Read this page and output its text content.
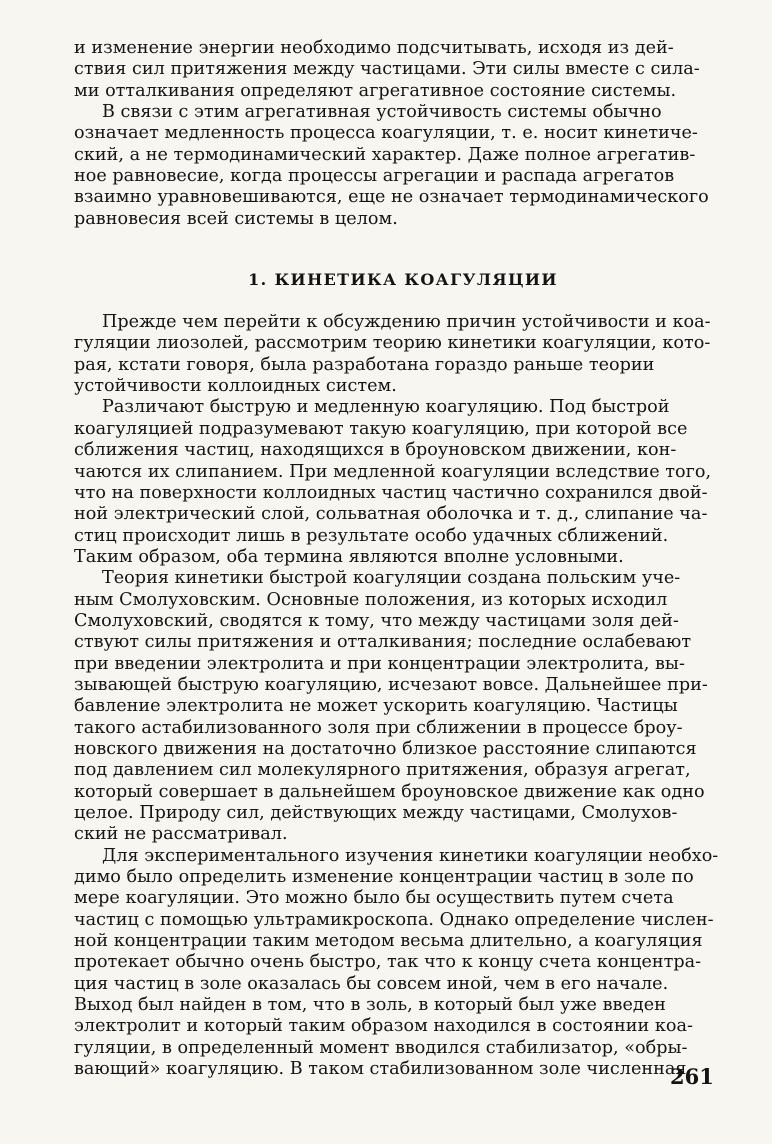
и изменение энергии необходимо подсчитывать, исходя из дей-
ствия сил притяжения между частицами. Эти силы вместе с сила-
ми отталкивания определяют агрегативное состояние системы.

В связи с этим агрегативная устойчивость системы обычно
означает медленность процесса коагуляции, т. е. носит кинетиче-
ский, а не термодинамический характер. Даже полное агрегатив-
ное равновесие, когда процессы агрегации и распада агрегатов
взаимно уравновешиваются, еще не означает термодинамического
равновесия всей системы в целом.

1. КИНЕТИКА КОАГУЛЯЦИИ

Прежде чем перейти к обсуждению причин устойчивости и коа-
гуляции лиозолей, рассмотрим теорию кинетики коагуляции, кото-
рая, кстати говоря, была разработана гораздо раньше теории
устойчивости коллоидных систем.

Различают быструю и медленную коагуляцию. Под быстрой
коагуляцией подразумевают такую коагуляцию, при которой все
сближения частиц, находящихся в броуновском движении, кон-
чаются их слипанием. При медленной коагуляции вследствие того,
что на поверхности коллоидных частиц частично сохранился двой-
ной электрический слой, сольватная оболочка и т. д., слипание ча-
стиц происходит лишь в результате особо удачных сближений.
Таким образом, оба термина являются вполне условными.

Теория кинетики быстрой коагуляции создана польским уче-
ным Смолуховским. Основные положения, из которых исходил
Смолуховский, сводятся к тому, что между частицами золя дей-
ствуют силы притяжения и отталкивания; последние ослабевают
при введении электролита и при концентрации электролита, вы-
зывающей быструю коагуляцию, исчезают вовсе. Дальнейшее при-
бавление электролита не может ускорить коагуляцию. Частицы
такого астабилизованного золя при сближении в процессе броу-
новского движения на достаточно близкое расстояние слипаются
под давлением сил молекулярного притяжения, образуя агрегат,
который совершает в дальнейшем броуновское движение как одно
целое. Природу сил, действующих между частицами, Смолухов-
ский не рассматривал.

Для экспериментального изучения кинетики коагуляции необхо-
димо было определить изменение концентрации частиц в золе по
мере коагуляции. Это можно было бы осуществить путем счета
частиц с помощью ультрамикроскопа. Однако определение числен-
ной концентрации таким методом весьма длительно, а коагуляция
протекает обычно очень быстро, так что к концу счета концентра-
ция частиц в золе оказалась бы совсем иной, чем в его начале.
Выход был найден в том, что в золь, в который был уже введен
электролит и который таким образом находился в состоянии коа-
гуляции, в определенный момент вводился стабилизатор, «обры-
вающий» коагуляцию. В таком стабилизованном золе численная

261
